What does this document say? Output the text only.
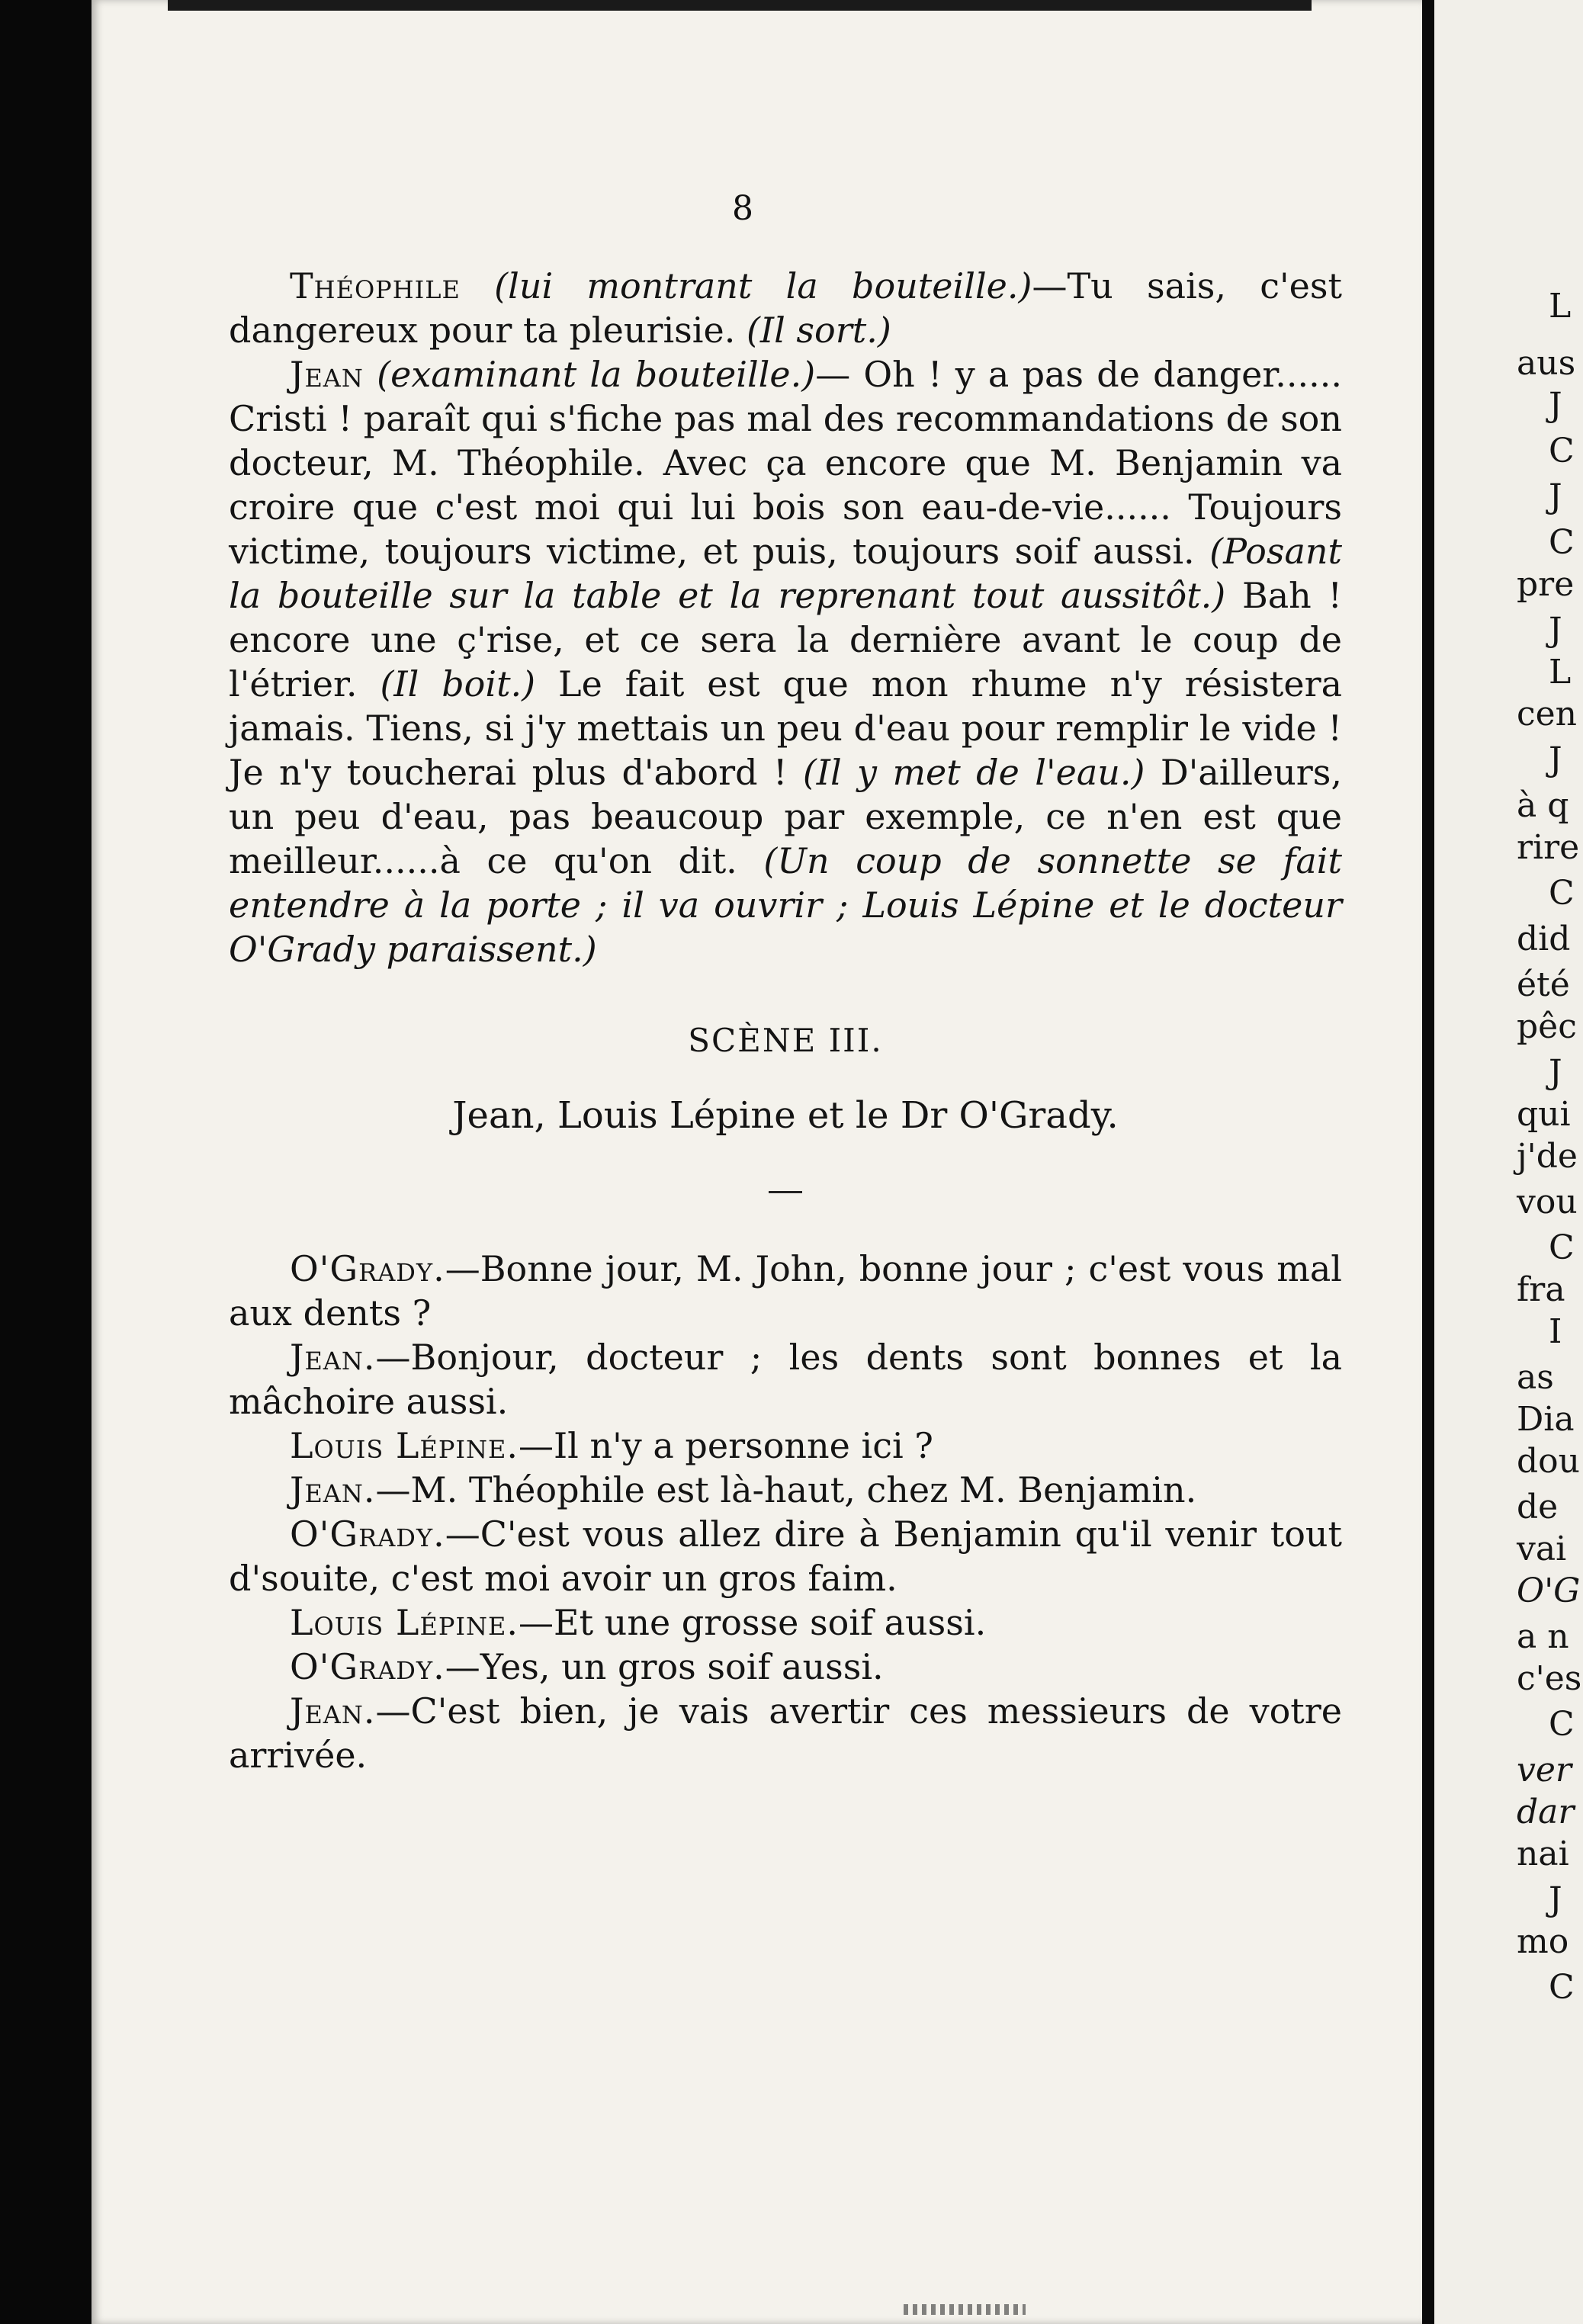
8

Théophile (lui montrant la bouteille.)—Tu sais, c'est dangereux pour ta pleurisie. (Il sort.)

Jean (examinant la bouteille.)— Oh ! y a pas de danger...... Cristi ! paraît qui s'fiche pas mal des recommandations de son docteur, M. Théophile. Avec ça encore que M. Benjamin va croire que c'est moi qui lui bois son eau-de-vie...... Toujours victime, toujours victime, et puis, toujours soif aussi. (Posant la bouteille sur la table et la reprenant tout aussitôt.) Bah ! encore une ç'rise, et ce sera la dernière avant le coup de l'étrier. (Il boit.) Le fait est que mon rhume n'y résistera jamais. Tiens, si j'y mettais un peu d'eau pour remplir le vide ! Je n'y toucherai plus d'abord ! (Il y met de l'eau.) D'ailleurs, un peu d'eau, pas beaucoup par exemple, ce n'en est que meilleur......à ce qu'on dit. (Un coup de sonnette se fait entendre à la porte ; il va ouvrir ; Louis Lépine et le docteur O'Grady paraissent.)

SCÈNE III.

Jean, Louis Lépine et le Dr O'Grady.

O'Grady.—Bonne jour, M. John, bonne jour ; c'est vous mal aux dents ?

Jean.—Bonjour, docteur ; les dents sont bonnes et la mâchoire aussi.

Louis Lépine.—Il n'y a personne ici ?

Jean.—M. Théophile est là-haut, chez M. Benjamin.

O'Grady.—C'est vous allez dire à Benjamin qu'il venir tout d'souite, c'est moi avoir un gros faim.

Louis Lépine.—Et une grosse soif aussi.

O'Grady.—Yes, un gros soif aussi.

Jean.—C'est bien, je vais avertir ces messieurs de votre arrivée.

L
aus
J
C
J
C
pre
J
L
cen
J
à q
rire
C
did
été
pêc
J
qui
j'de
vou
C
fra
I
as
Dia
dou
de
vai
O'G
a n
c'es
C
ver
dar
nai
J
mo
C
